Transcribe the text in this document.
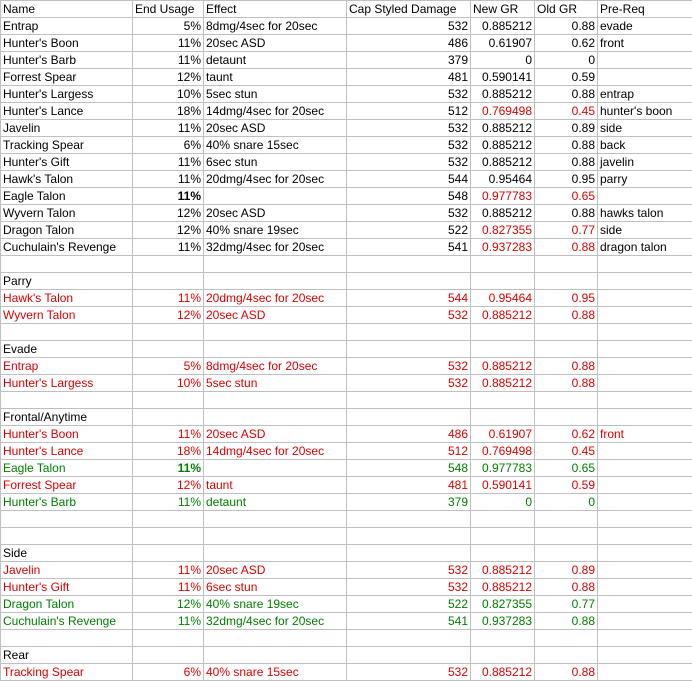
Name	End Usage	Effect	Cap Styled Damage	New GR	Old GR	Pre-Req
Entrap	5%	8dmg/4sec for 20sec	532	0.885212	0.88	evade
Hunter's Boon	11%	20sec ASD	486	0.61907	0.62	front
Hunter's Barb	11%	detaunt	379	0	0	
Forrest Spear	12%	taunt	481	0.590141	0.59	
Hunter's Largess	10%	5sec stun	532	0.885212	0.88	entrap
Hunter's Lance	18%	14dmg/4sec for 20sec	512	0.769498	0.45	hunter's boon
Javelin	11%	20sec ASD	532	0.885212	0.89	side
Tracking Spear	6%	40% snare 15sec	532	0.885212	0.88	back
Hunter's Gift	11%	6sec stun	532	0.885212	0.88	javelin
Hawk's Talon	11%	20dmg/4sec for 20sec	544	0.95464	0.95	parry
Eagle Talon	11%		548	0.977783	0.65	
Wyvern Talon	12%	20sec ASD	532	0.885212	0.88	hawks talon
Dragon Talon	12%	40% snare 19sec	522	0.827355	0.77	side
Cuchulain's Revenge	11%	32dmg/4sec for 20sec	541	0.937283	0.88	dragon talon

Parry						
Hawk's Talon	11%	20dmg/4sec for 20sec	544	0.95464	0.95	
Wyvern Talon	12%	20sec ASD	532	0.885212	0.88	

Evade						
Entrap	5%	8dmg/4sec for 20sec	532	0.885212	0.88	
Hunter's Largess	10%	5sec stun	532	0.885212	0.88	

Frontal/Anytime						
Hunter's Boon	11%	20sec ASD	486	0.61907	0.62	front
Hunter's Lance	18%	14dmg/4sec for 20sec	512	0.769498	0.45	
Eagle Talon	11%		548	0.977783	0.65	
Forrest Spear	12%	taunt	481	0.590141	0.59	
Hunter's Barb	11%	detaunt	379	0	0	

Side						
Javelin	11%	20sec ASD	532	0.885212	0.89	
Hunter's Gift	11%	6sec stun	532	0.885212	0.88	
Dragon Talon	12%	40% snare 19sec	522	0.827355	0.77	
Cuchulain's Revenge	11%	32dmg/4sec for 20sec	541	0.937283	0.88	

Rear						
Tracking Spear	6%	40% snare 15sec	532	0.885212	0.88	
